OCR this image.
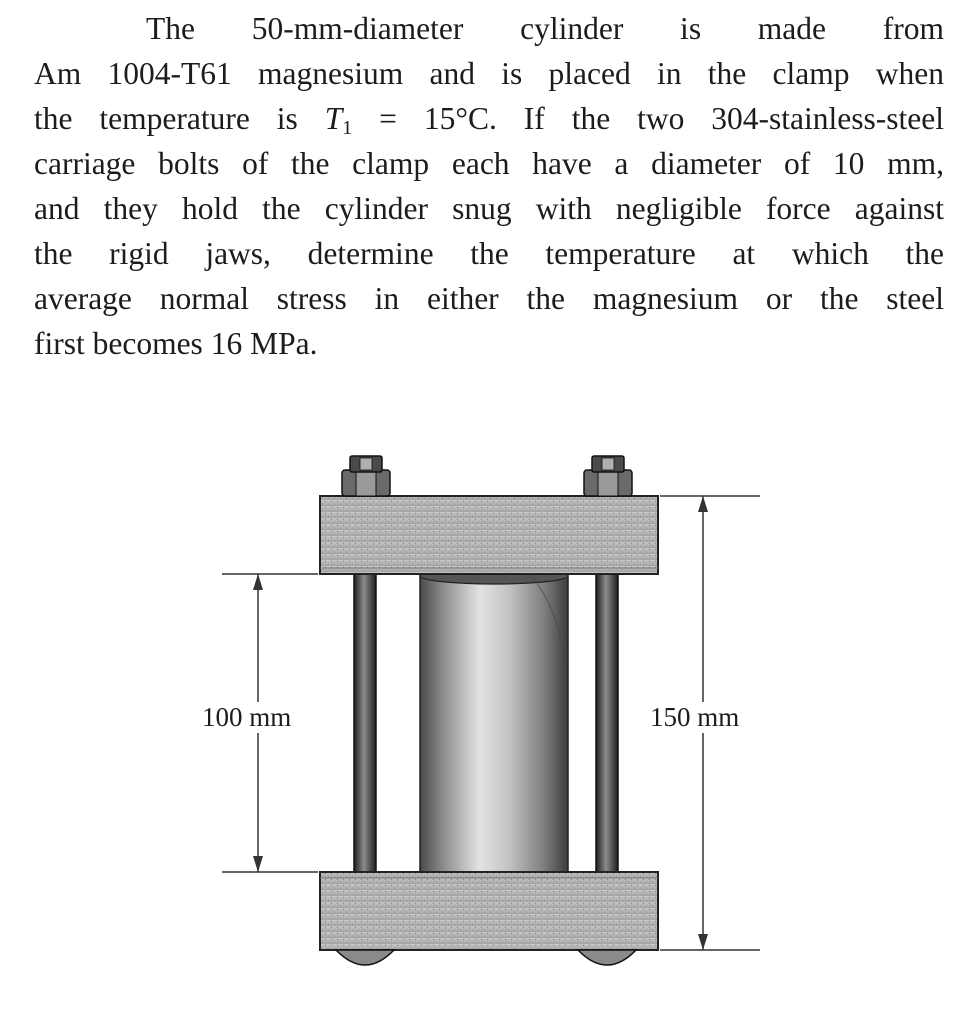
The 50-mm-diameter cylinder is made from
Am 1004-T61 magnesium and is placed in the clamp when
the temperature is $T_1 = 15^\circ C$. If the two 304-stainless-steel
carriage bolts of the clamp each have a diameter of 10 mm,
and they hold the cylinder snug with negligible force against
the rigid jaws, determine the temperature at which the
average normal stress in either the magnesium or the steel
first becomes 16 MPa.
100 mm	150 mm
